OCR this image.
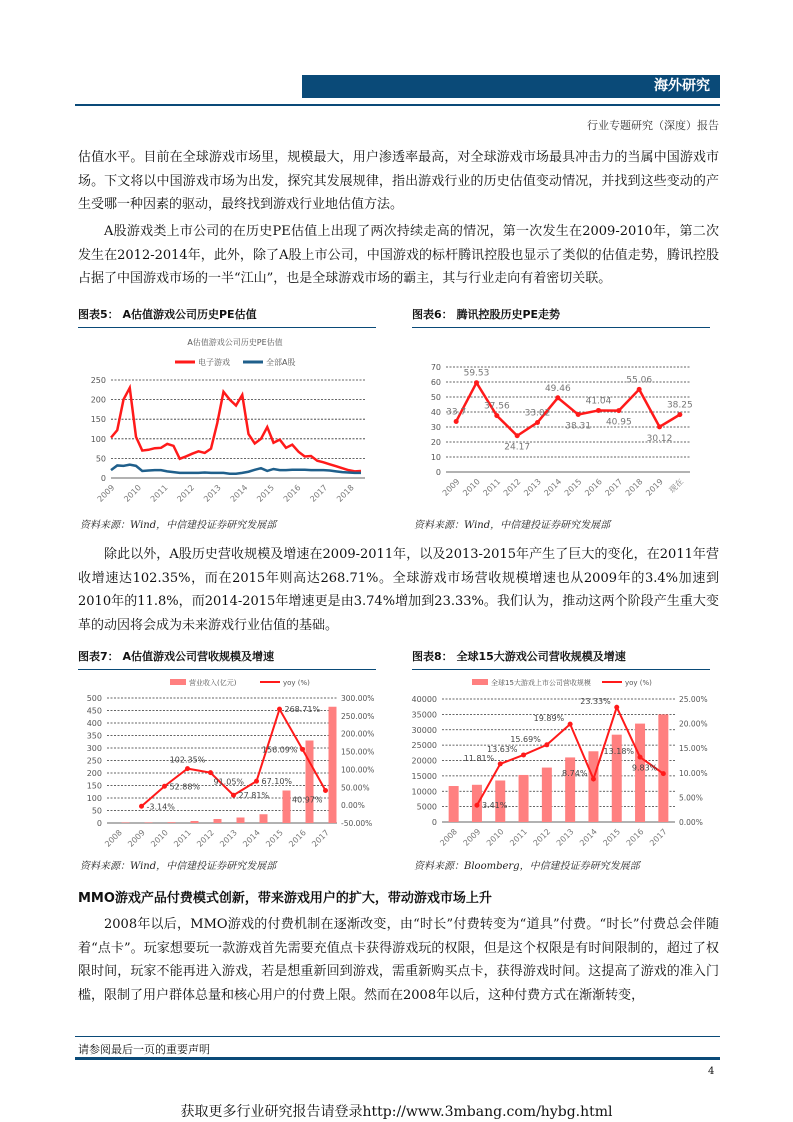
海外研究
行业专题研究（深度）报告
估值水平。目前在全球游戏市场里，规模最大，用户渗透率最高，对全球游戏市场最具冲击力的当属中国游戏市场。下文将以中国游戏市场为出发，探究其发展规律，指出游戏行业的历史估值变动情况，并找到这些变动的产生受哪一种因素的驱动，最终找到游戏行业地估值方法。
A股游戏类上市公司的在历史PE估值上出现了两次持续走高的情况，第一次发生在2009-2010年，第二次发生在2012-2014年，此外，除了A股上市公司，中国游戏的标杆腾讯控股也显示了类似的估值走势，腾讯控股占据了中国游戏市场的一半“江山”，也是全球游戏市场的霸主，其与行业走向有着密切关联。
图表5： A估值游戏公司历史PE估值	图表6： 腾讯控股历史PE走势
A估值游戏公司历史PE估值
电子游戏	全部A股
0
50
100
150
200
250
2009 2010 2011 2012 2013 2014 2015 2016 2017 2018
0
10
20
30
40
50
60
70
33.7
59.53
37.56
24.17
33.02
49.46
38.31
41.04
40.95
55.06
30.12
38.25
2009 2010 2011 2012 2013 2014 2015 2016 2017 2018 2019 现在
资料来源：Wind，中信建投证券研究发展部	资料来源：Wind，中信建投证券研究发展部
除此以外，A股历史营收规模及增速在2009-2011年，以及2013-2015年产生了巨大的变化，在2011年营收增速达102.35%，而在2015年则高达268.71%。全球游戏市场营收规模增速也从2009年的3.4%加速到2010年的11.8%，而2014-2015年增速更是由3.74%增加到23.33%。我们认为，推动这两个阶段产生重大变革的动因将会成为未来游戏行业估值的基础。
图表7： A估值游戏公司营收规模及增速	图表8： 全球15大游戏公司营收规模及增速
营业收入(亿元)	yoy (%)
0
50
100
150
200
250
300
350
400
450
500
-50.00%
0.00%
50.00%
100.00%
150.00%
200.00%
250.00%
300.00%
-3.14%
52.88%
102.35%
91.05%
27.81%
67.10%
268.71%
156.09%
40.97%
2008 2009 2010 2011 2012 2013 2014 2015 2016 2017
全球15大游戏上市公司营收规模	yoy (%)
0
5000
10000
15000
20000
25000
30000
35000
40000
0.00%
5.00%
10.00%
15.00%
20.00%
25.00%
3.41%
11.81%
13.63%
15.69%
19.89%
8.74%
23.33%
13.18%
9.83%
2008 2009 2010 2011 2012 2013 2014 2015 2016 2017
资料来源：Wind，中信建投证券研究发展部	资料来源：Bloomberg，中信建投证券研究发展部
MMO游戏产品付费模式创新，带来游戏用户的扩大，带动游戏市场上升
2008年以后，MMO游戏的付费机制在逐渐改变，由“时长”付费转变为“道具”付费。“时长”付费总会伴随着“点卡”。玩家想要玩一款游戏首先需要充值点卡获得游戏玩的权限，但是这个权限是有时间限制的，超过了权限时间，玩家不能再进入游戏，若是想重新回到游戏，需重新购买点卡，获得游戏时间。这提高了游戏的准入门槛，限制了用户群体总量和核心用户的付费上限。然而在2008年以后，这种付费方式在渐渐转变，
请参阅最后一页的重要声明
4
获取更多行业研究报告请登录http://www.3mbang.com/hybg.html
